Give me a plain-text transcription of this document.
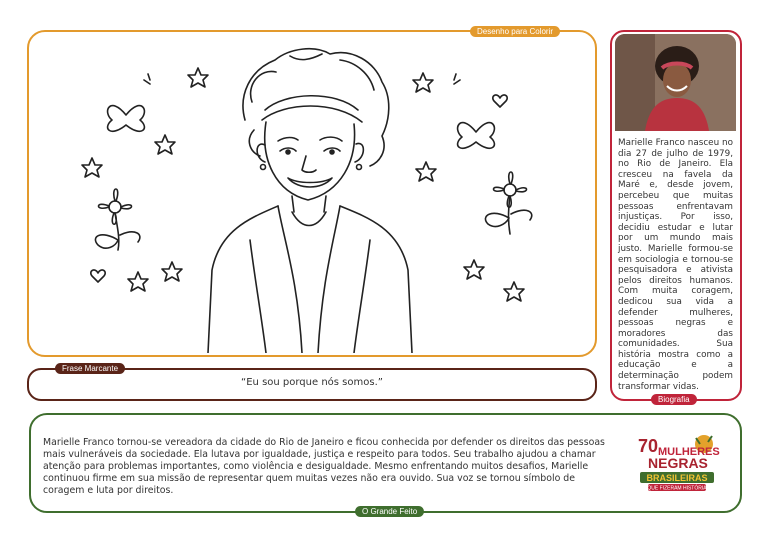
Desenho para Colorir
Frase Marcante
“Eu sou porque nós somos.”

Marielle Franco nasceu no dia 27 de julho de 1979, no Rio de Janeiro. Ela cresceu na favela da Maré e, desde jovem, percebeu que muitas pessoas enfrentavam injustiças. Por isso, decidiu estudar e lutar por um mundo mais justo. Marielle formou-se em sociologia e tornou-se pesquisadora e ativista pelos direitos humanos. Com muita coragem, dedicou sua vida a defender mulheres, pessoas negras e moradores das comunidades. Sua história mostra como a educação e a determinação podem transformar vidas.

Biografia

Marielle Franco tornou-se vereadora da cidade do Rio de Janeiro e ficou conhecida por defender os direitos das pessoas mais vulneráveis da sociedade. Ela lutava por igualdade, justiça e respeito para todos. Seu trabalho ajudou a chamar atenção para problemas importantes, como violência e desigualdade. Mesmo enfrentando muitos desafios, Marielle continuou firme em sua missão de representar quem muitas vezes não era ouvido. Sua voz se tornou símbolo de coragem e luta por direitos.

O Grande Feito
70 MULHERES
NEGRAS
BRASILEIRAS
QUE FIZERAM HISTÓRIA
